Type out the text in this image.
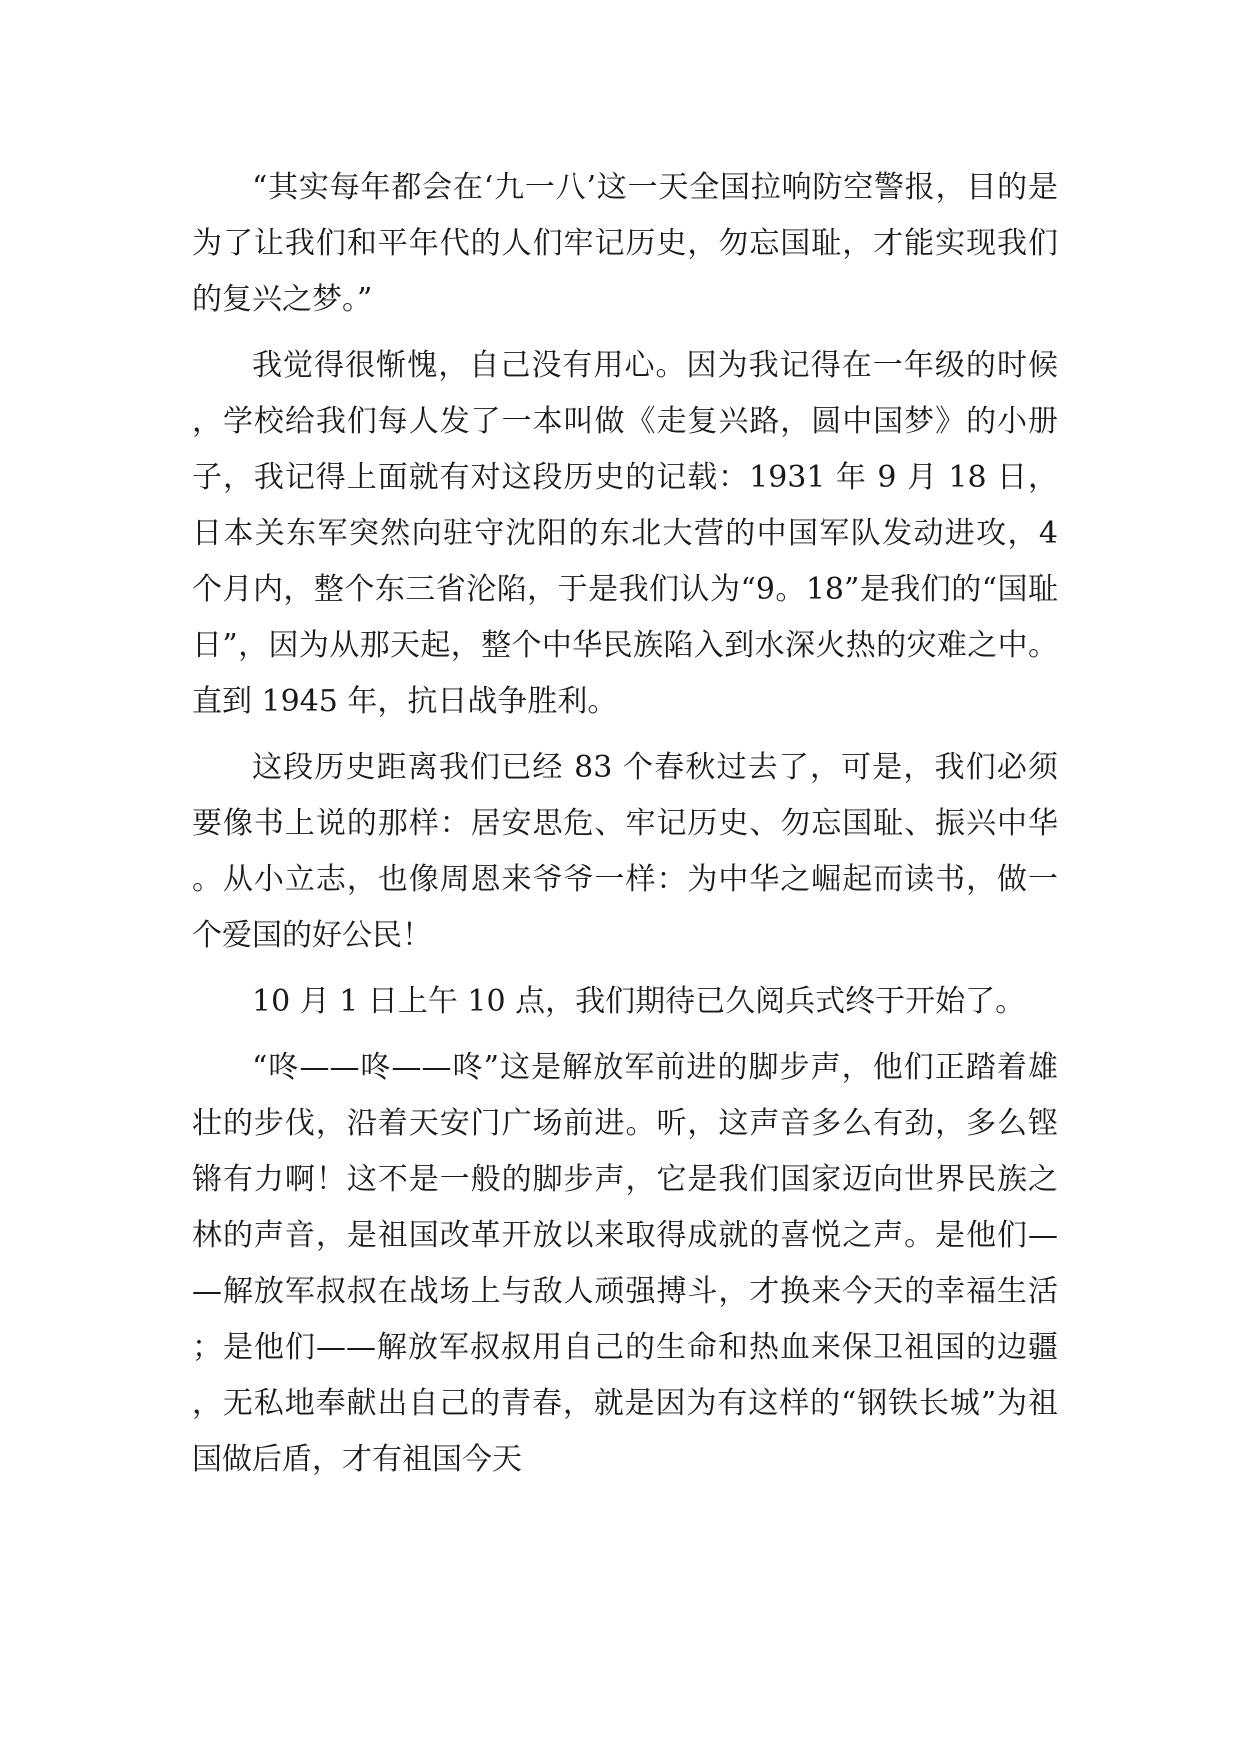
“其实每年都会在‘九一八’这一天全国拉响防空警报，目的是为了让我们和平年代的人们牢记历史，勿忘国耻，才能实现我们的复兴之梦。”

我觉得很惭愧，自己没有用心。因为我记得在一年级的时候，学校给我们每人发了一本叫做《走复兴路，圆中国梦》的小册子，我记得上面就有对这段历史的记载：1931 年 9 月 18 日，日本关东军突然向驻守沈阳的东北大营的中国军队发动进攻，4 个月内，整个东三省沦陷，于是我们认为“9。18”是我们的“国耻日”，因为从那天起，整个中华民族陷入到水深火热的灾难之中。直到 1945 年，抗日战争胜利。

这段历史距离我们已经 83 个春秋过去了，可是，我们必须要像书上说的那样：居安思危、牢记历史、勿忘国耻、振兴中华。从小立志，也像周恩来爷爷一样：为中华之崛起而读书，做一个爱国的好公民！

10 月 1 日上午 10 点，我们期待已久阅兵式终于开始了。

“咚——咚——咚”这是解放军前进的脚步声，他们正踏着雄壮的步伐，沿着天安门广场前进。听，这声音多么有劲，多么铿锵有力啊！这不是一般的脚步声，它是我们国家迈向世界民族之林的声音，是祖国改革开放以来取得成就的喜悦之声。是他们——解放军叔叔在战场上与敌人顽强搏斗，才换来今天的幸福生活；是他们——解放军叔叔用自己的生命和热血来保卫祖国的边疆，无私地奉献出自己的青春，就是因为有这样的“钢铁长城”为祖国做后盾，才有祖国今天
